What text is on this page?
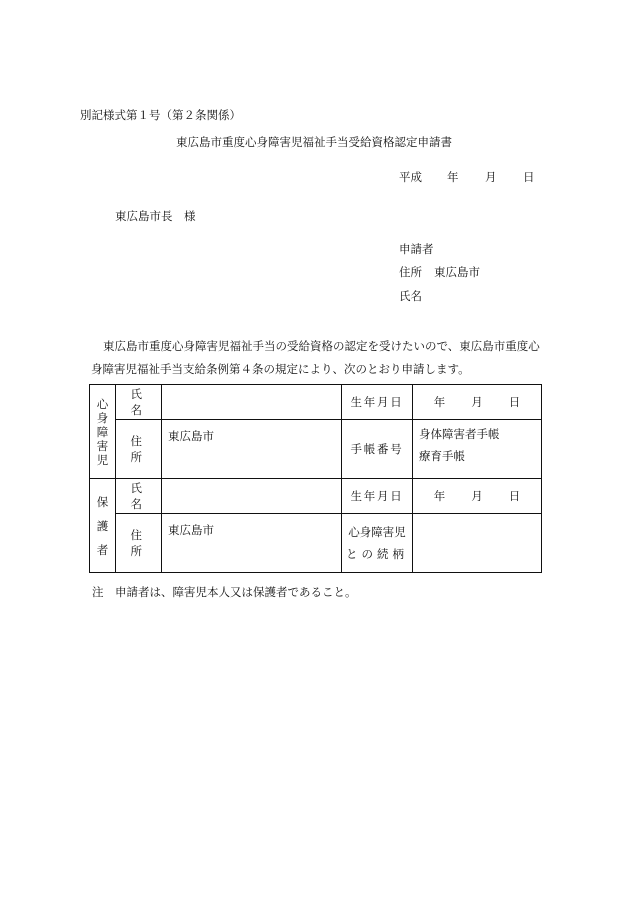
別記様式第１号（第２条関係）
東広島市重度心身障害児福祉手当受給資格認定申請書
平成 年 月 日
東広島市長　様
申請者
住所 東広島市
氏名

東広島市重度心身障害児福祉手当の受給資格の認定を受けたいので、東広島市重度心

身障害児福祉手当支給条例第４条の規定により、次のとおり申請します。

心
身
障
害
児	氏名		生年月日	年 月 日
	住所	東広島市	手帳番号	身体障害者手帳
療育手帳

保
護
者	氏名		生年月日	年 月 日
	住所	東広島市	心身障害児
との続柄	

注　申請者は、障害児本人又は保護者であること。
